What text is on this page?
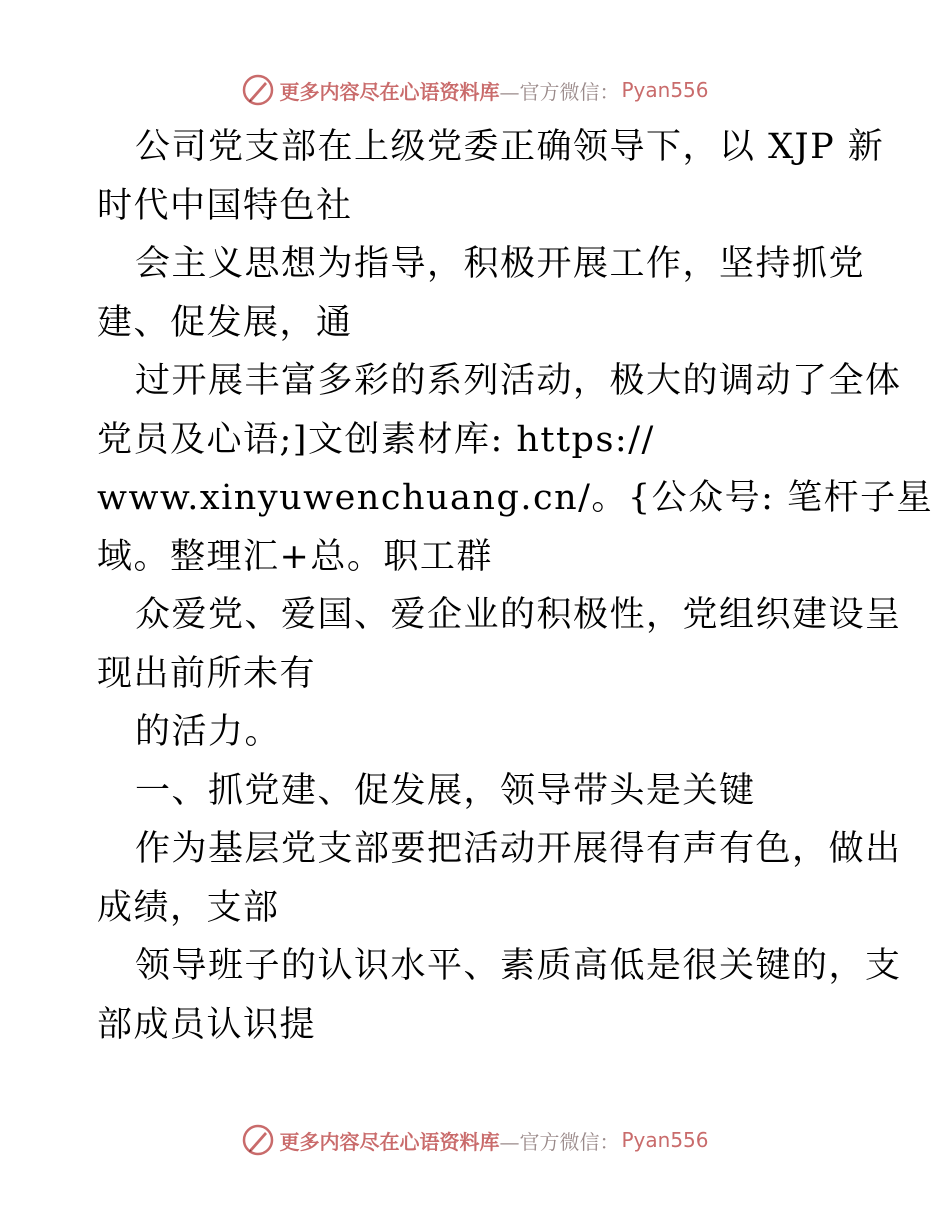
更多内容尽在心语资料库 —官方微信： Pyan556
公司党支部在上级党委正确领导下，以 XJP 新
时代中国特色社
会主义思想为指导，积极开展工作，坚持抓党
建、促发展，通
过开展丰富多彩的系列活动，极大的调动了全体
党员及心语;]文创素材库: https://
www.xinyuwenchuang.cn/。{公众号: 笔杆子星
域。整理汇+总。职工群
众爱党、爱国、爱企业的积极性，党组织建设呈
现出前所未有
的活力。
一、抓党建、促发展，领导带头是关键
作为基层党支部要把活动开展得有声有色，做出
成绩，支部
领导班子的认识水平、素质高低是很关键的，支
部成员认识提
更多内容尽在心语资料库 —官方微信： Pyan556
